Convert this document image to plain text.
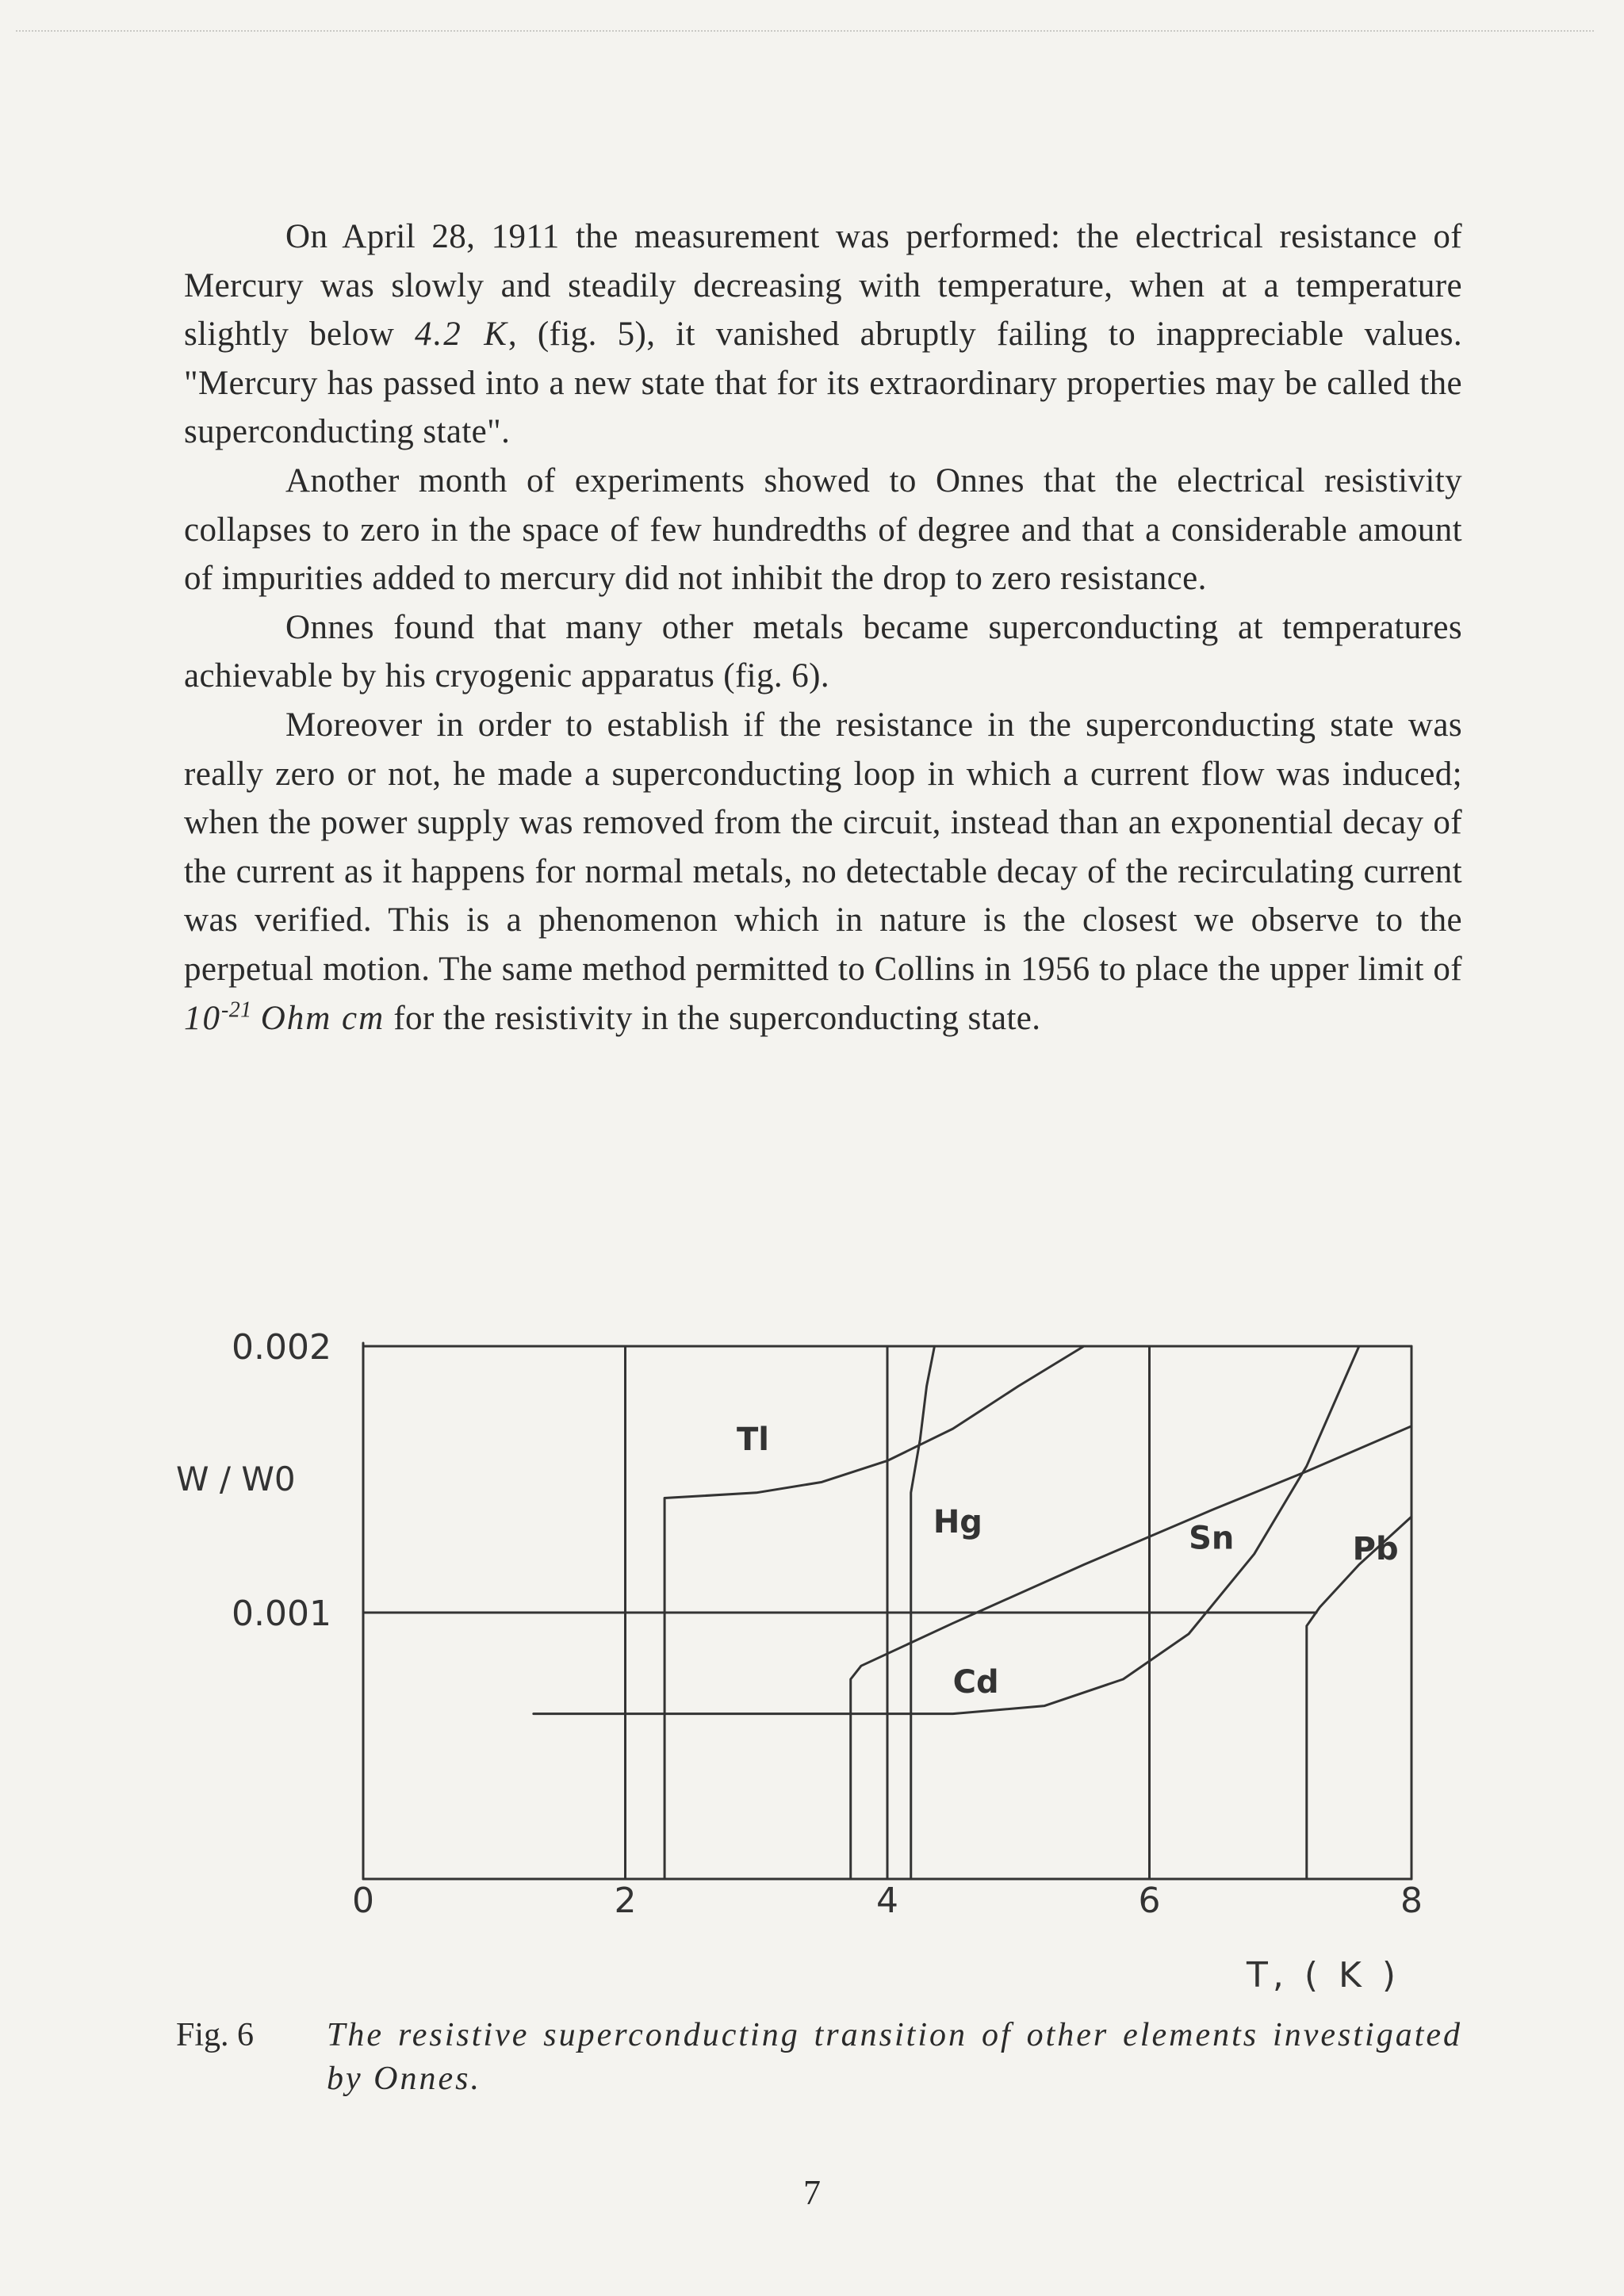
On April 28, 1911 the measurement was performed: the electrical resistance of Mercury was slowly and steadily decreasing with temperature, when at a temperature slightly below 4.2 K, (fig. 5), it vanished abruptly failing to inappreciable values. "Mercury has passed into a new state that for its extraordinary properties may be called the superconducting state".

Another month of experiments showed to Onnes that the electrical resistivity collapses to zero in the space of few hundredths of degree and that a considerable amount of impurities added to mercury did not inhibit the drop to zero resistance.

Onnes found that many other metals became superconducting at temperatures achievable by his cryogenic apparatus (fig. 6).

Moreover in order to establish if the resistance in the superconducting state was really zero or not, he made a superconducting loop in which a current flow was induced; when the power supply was removed from the circuit, instead than an exponential decay of the current as it happens for normal metals, no detectable decay of the recirculating current was verified. This is a phenomenon which in nature is the closest we observe to the perpetual motion. The same method permitted to Collins in 1956 to place the upper limit of $10^{-21}$ Ohm cm for the resistivity in the superconducting state.

Tl
Hg	Sn	Pb
Cd
0.002
0.001
0	2	4	6	8
W / W0
T, ( K )
Fig. 6 The resistive superconducting transition of other elements investigated by Onnes.
7
